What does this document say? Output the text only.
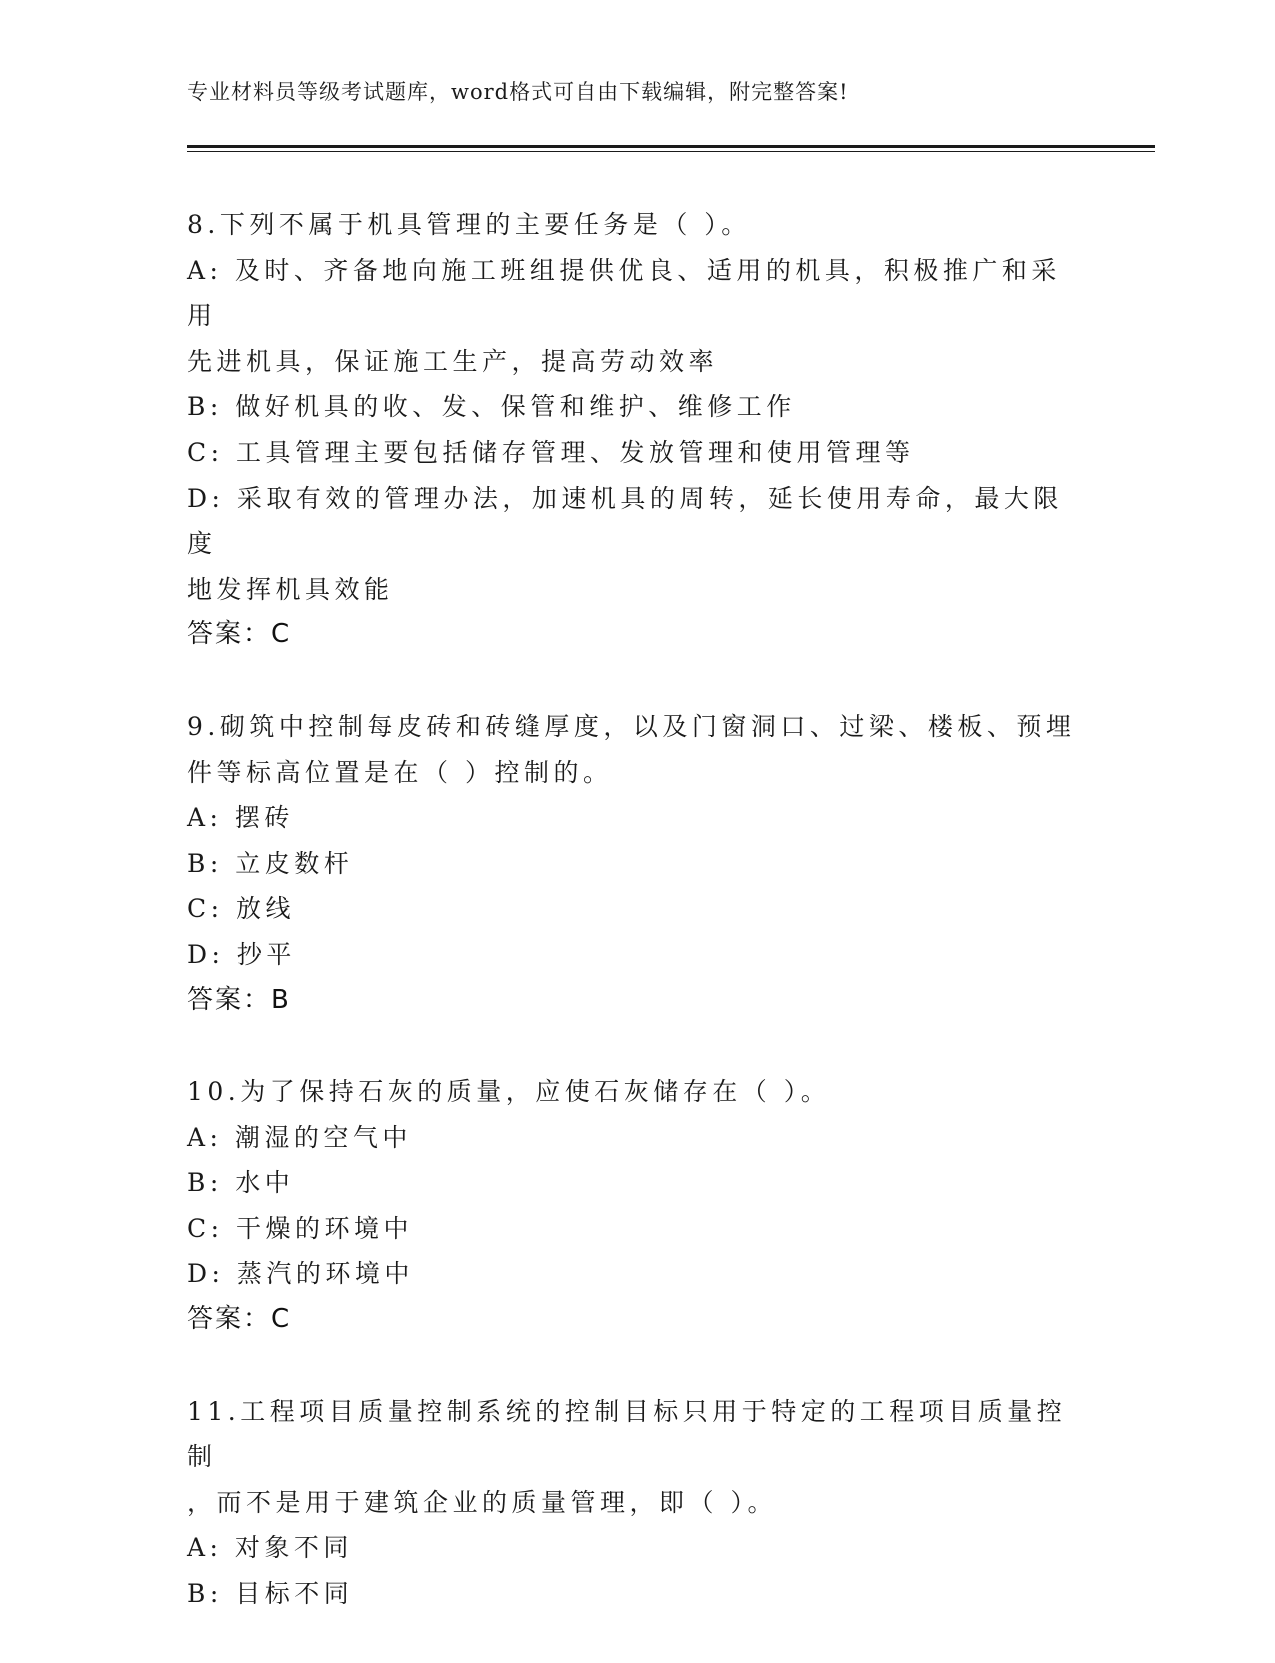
专业材料员等级考试题库，word格式可自由下载编辑，附完整答案!
8.下列不属于机具管理的主要任务是（ ）。
A: 及时、齐备地向施工班组提供优良、适用的机具，积极推广和采用
先进机具，保证施工生产，提高劳动效率
B: 做好机具的收、发、保管和维护、维修工作
C: 工具管理主要包括储存管理、发放管理和使用管理等
D: 采取有效的管理办法，加速机具的周转，延长使用寿命，最大限度
地发挥机具效能
答案：C
9.砌筑中控制每皮砖和砖缝厚度，以及门窗洞口、过梁、楼板、预埋
件等标高位置是在（ ）控制的。
A: 摆砖
B: 立皮数杆
C: 放线
D: 抄平
答案：B
10.为了保持石灰的质量，应使石灰储存在（ ）。
A: 潮湿的空气中
B: 水中
C: 干燥的环境中
D: 蒸汽的环境中
答案：C
11.工程项目质量控制系统的控制目标只用于特定的工程项目质量控制
，而不是用于建筑企业的质量管理，即（ ）。
A: 对象不同
B: 目标不同
